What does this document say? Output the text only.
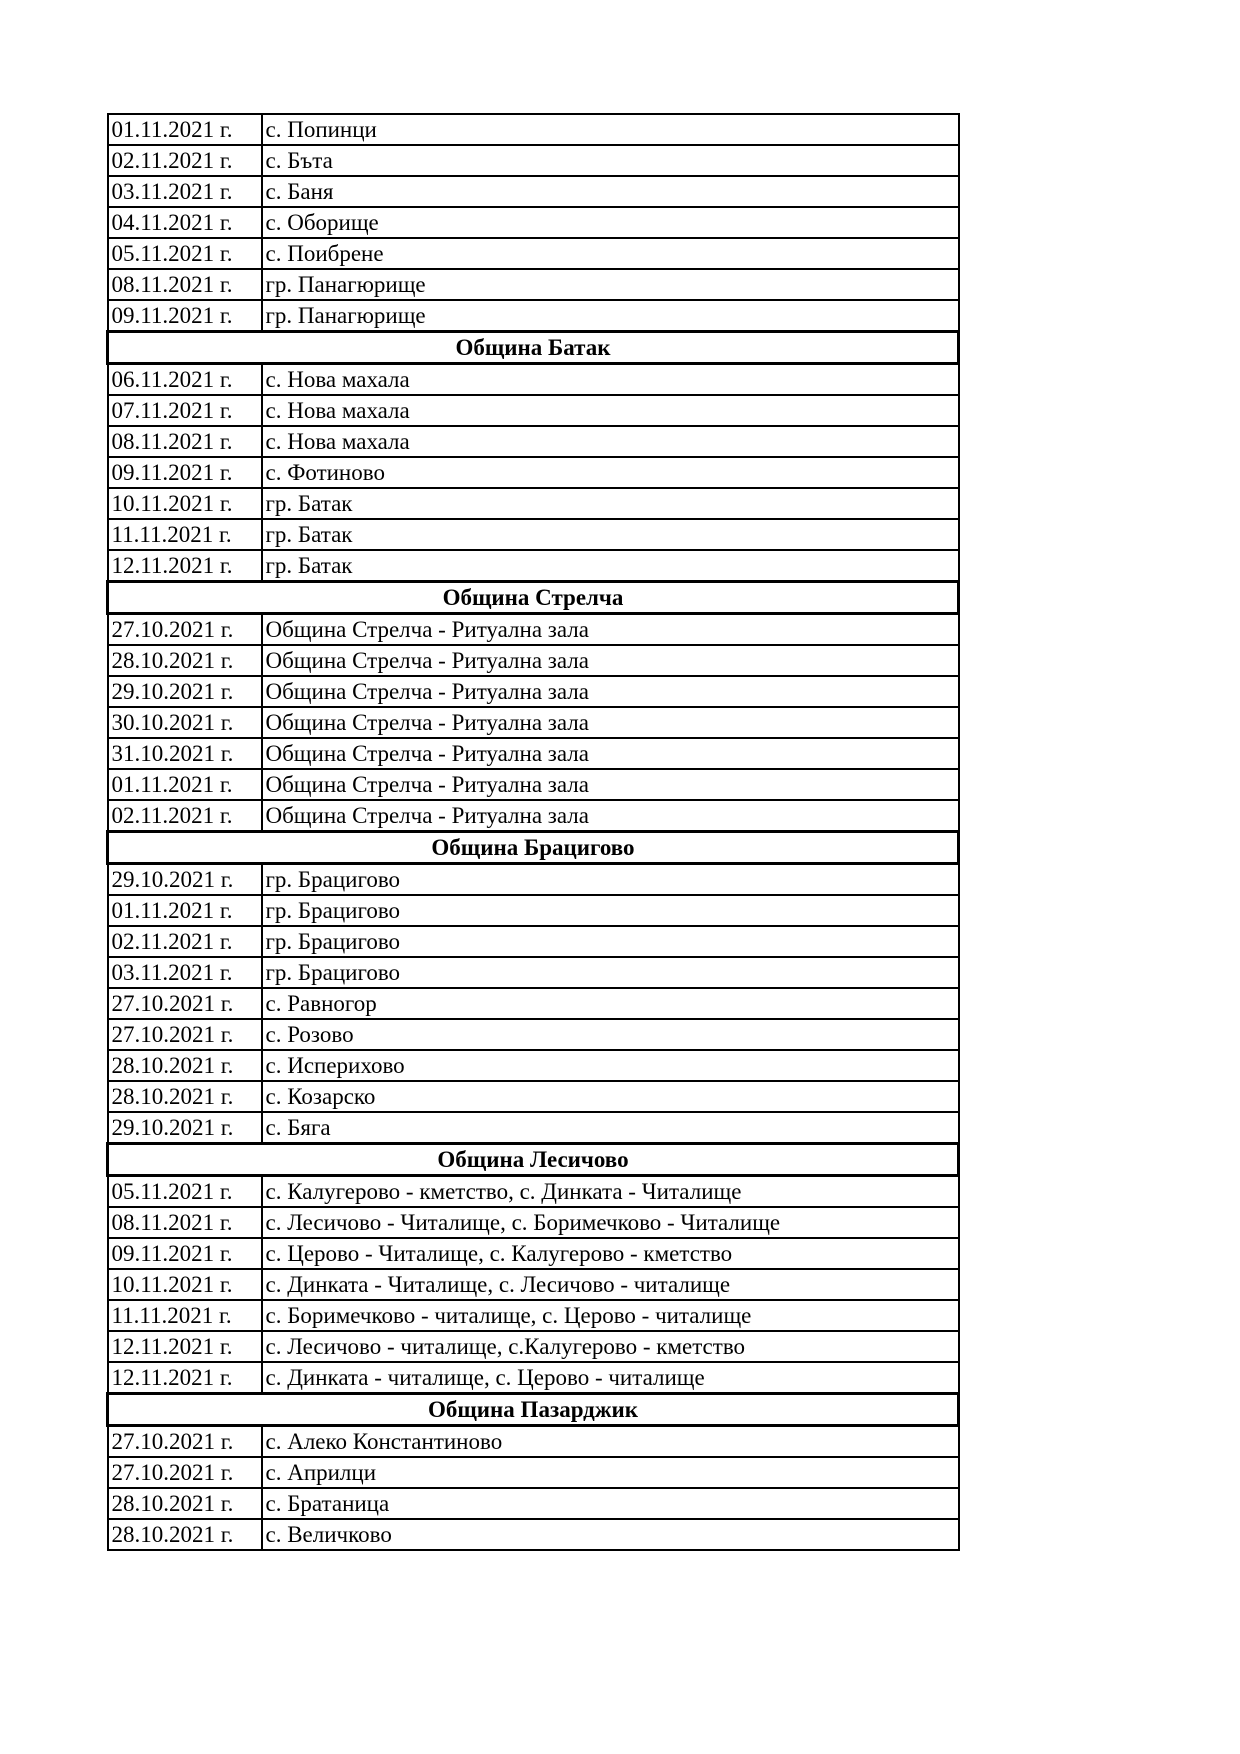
01.11.2021 г.	с. Попинци
02.11.2021 г.	с. Бъта
03.11.2021 г.	с. Баня
04.11.2021 г.	с. Оборище
05.11.2021 г.	с. Поибрене
08.11.2021 г.	гр. Панагюрище
09.11.2021 г.	гр. Панагюрище
Община Батак	
06.11.2021 г.	с. Нова махала
07.11.2021 г.	с. Нова махала
08.11.2021 г.	с. Нова махала
09.11.2021 г.	с. Фотиново
10.11.2021 г.	гр. Батак
11.11.2021 г.	гр. Батак
12.11.2021 г.	гр. Батак
Община Стрелча	
27.10.2021 г.	Община Стрелча - Ритуална зала
28.10.2021 г.	Община Стрелча - Ритуална зала
29.10.2021 г.	Община Стрелча - Ритуална зала
30.10.2021 г.	Община Стрелча - Ритуална зала
31.10.2021 г.	Община Стрелча - Ритуална зала
01.11.2021 г.	Община Стрелча - Ритуална зала
02.11.2021 г.	Община Стрелча - Ритуална зала
Община Брацигово	
29.10.2021 г.	гр. Брацигово
01.11.2021 г.	гр. Брацигово
02.11.2021 г.	гр. Брацигово
03.11.2021 г.	гр. Брацигово
27.10.2021 г.	с. Равногор
27.10.2021 г.	с. Розово
28.10.2021 г.	с. Исперихово
28.10.2021 г.	с. Козарско
29.10.2021 г.	с. Бяга
Община Лесичово	
05.11.2021 г.	с. Калугерово - кметство, с. Динката - Читалище
08.11.2021 г.	с. Лесичово - Читалище, с. Боримечково - Читалище
09.11.2021 г.	с. Церово - Читалище, с. Калугерово - кметство
10.11.2021 г.	с. Динката - Читалище, с. Лесичово - читалище
11.11.2021 г.	с. Боримечково - читалище, с. Церово - читалище
12.11.2021 г.	с. Лесичово - читалище, с.Калугерово - кметство
12.11.2021 г.	с. Динката - читалище, с. Церово - читалище
Община Пазарджик	
27.10.2021 г.	с. Алеко Константиново
27.10.2021 г.	с. Априлци
28.10.2021 г.	с. Братаница
28.10.2021 г.	с. Величково
